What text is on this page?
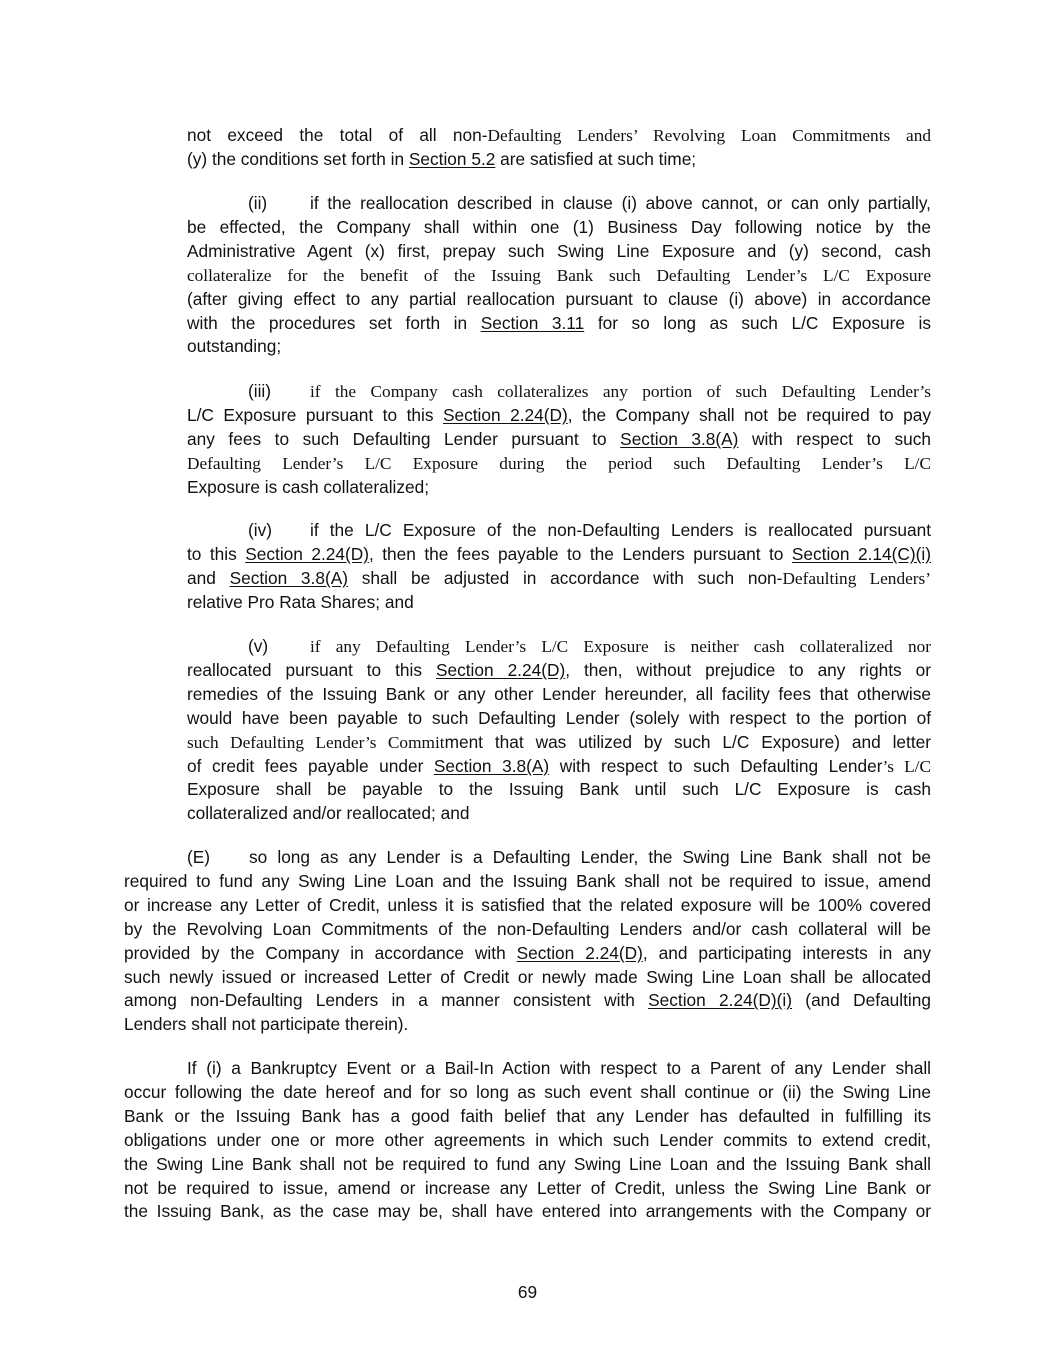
not exceed the total of all non-Defaulting Lenders’ Revolving Loan Commitments and
(y) the conditions set forth in Section 5.2 are satisfied at such time;
(ii) if the reallocation described in clause (i) above cannot, or can only partially,
be effected, the Company shall within one (1) Business Day following notice by the
Administrative Agent (x) first, prepay such Swing Line Exposure and (y) second, cash
collateralize for the benefit of the Issuing Bank such Defaulting Lender’s L/C Exposure
(after giving effect to any partial reallocation pursuant to clause (i) above) in accordance
with the procedures set forth in Section 3.11 for so long as such L/C Exposure is
outstanding;
(iii) if the Company cash collateralizes any portion of such Defaulting Lender’s
L/C Exposure pursuant to this Section 2.24(D), the Company shall not be required to pay
any fees to such Defaulting Lender pursuant to Section 3.8(A) with respect to such
Defaulting Lender’s L/C Exposure during the period such Defaulting Lender’s L/C
Exposure is cash collateralized;
(iv) if the L/C Exposure of the non-Defaulting Lenders is reallocated pursuant
to this Section 2.24(D), then the fees payable to the Lenders pursuant to Section 2.14(C)(i)
and Section 3.8(A) shall be adjusted in accordance with such non-Defaulting Lenders’
relative Pro Rata Shares; and
(v) if any Defaulting Lender’s L/C Exposure is neither cash collateralized nor
reallocated pursuant to this Section 2.24(D), then, without prejudice to any rights or
remedies of the Issuing Bank or any other Lender hereunder, all facility fees that otherwise
would have been payable to such Defaulting Lender (solely with respect to the portion of
such Defaulting Lender’s Commitment that was utilized by such L/C Exposure) and letter
of credit fees payable under Section 3.8(A) with respect to such Defaulting Lender’s L/C
Exposure shall be payable to the Issuing Bank until such L/C Exposure is cash
collateralized and/or reallocated; and
(E) so long as any Lender is a Defaulting Lender, the Swing Line Bank shall not be
required to fund any Swing Line Loan and the Issuing Bank shall not be required to issue, amend
or increase any Letter of Credit, unless it is satisfied that the related exposure will be 100% covered
by the Revolving Loan Commitments of the non-Defaulting Lenders and/or cash collateral will be
provided by the Company in accordance with Section 2.24(D), and participating interests in any
such newly issued or increased Letter of Credit or newly made Swing Line Loan shall be allocated
among non-Defaulting Lenders in a manner consistent with Section 2.24(D)(i) (and Defaulting
Lenders shall not participate therein).
If (i) a Bankruptcy Event or a Bail-In Action with respect to a Parent of any Lender shall
occur following the date hereof and for so long as such event shall continue or (ii) the Swing Line
Bank or the Issuing Bank has a good faith belief that any Lender has defaulted in fulfilling its
obligations under one or more other agreements in which such Lender commits to extend credit,
the Swing Line Bank shall not be required to fund any Swing Line Loan and the Issuing Bank shall
not be required to issue, amend or increase any Letter of Credit, unless the Swing Line Bank or
the Issuing Bank, as the case may be, shall have entered into arrangements with the Company or
69
